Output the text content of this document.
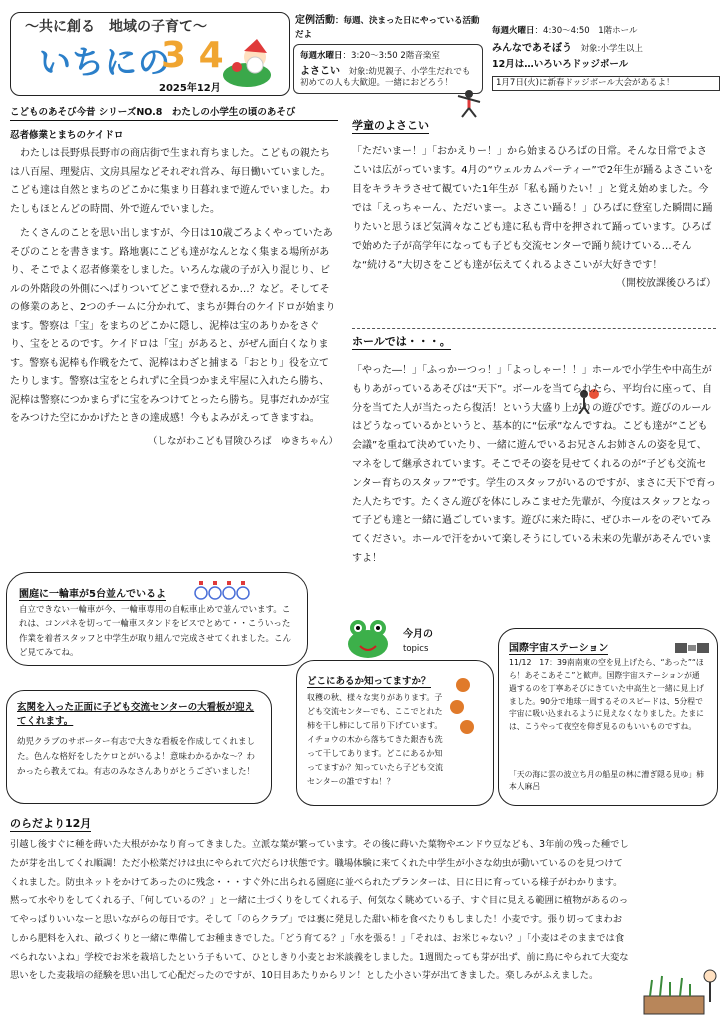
〜共に創る　地域の子育て〜
いちにの
3 4
2025年12月
定例活動：毎週、決まった日にやっている活動だよ
毎週水曜日：3:20〜3:50 2階音楽室
よさこい　 対象:幼児親子、小学生だれでも
初めての人も大歓迎。一緒におどろう！
毎週火曜日：4:30〜4:50　1階ホール
みんなであそぼう　 対象:小学生以上
12月は…いろいろドッジボール
1月7日(火)に新春ドッジボール大会があるよ！
こどものあそび今昔 シリーズNO.8　わたしの小学生の頃のあそび
忍者修業とまちのケイドロ

わたしは長野県長野市の商店街で生まれ育ちました。こどもの親たちは八百屋、理髪店、文房具屋などそれぞれ営み、毎日働いていました。こども達は自然とまちのどこかに集まり日暮れまで遊んでいました。わたしもほとんどの時間、外で遊んでいました。

たくさんのことを思い出しますが、今日は10歳ごろよくやっていたあそびのことを書きます。路地裏にこども達がなんとなく集まる場所があり、そこでよく忍者修業をしました。いろんな歳の子が入り混じり、ビルの外階段の外側にへばりついてどこまで登れるか…？など。そしてその修業のあと、2つのチームに分かれて、まちが舞台のケイドロが始まります。警察は「宝」をまちのどこかに隠し、泥棒は宝のありかをさぐり、宝をとるのです。ケイドロは「宝」があると、がぜん面白くなります。警察も泥棒も作戦をたて、泥棒はわざと捕まる「おとり」役を立てたりします。警察は宝をとられずに全員つかまえ牢屋に入れたら勝ち、泥棒は警察につかまらずに宝をみつけてとったら勝ち。見事だれかが宝をみつけた空にかかげたときの達成感！今もよみがえってきますね。

（しながわこども冒険ひろば　ゆきちゃん）
学童のよさこい

「ただいまー！」「おかえりー！」から始まるひろばの日常。そんな日常でよさこいは広がっています。4月の“ウェルカムパーティー”で2年生が踊るよさこいを目をキラキラさせて観ていた1年生が「私も踊りたい！」と覚え始めました。今では「えっちゃーん、ただいまー。よさこい踊る！」ひろばに登室した瞬間に踊りたいと思うほど気満々なこども達に私も背中を押されて踊っています。ひろばで始めた子が高学年になっても子ども交流センターで踊り続けている…そんな“続ける”大切さをこども達が伝えてくれるよさこいが大好きです！

（開校放課後ひろば）
ホールでは・・・。

「やった―！」「ふっかーつっ！」「よっしゃー！！」ホールで小学生や中高生がもりあがっているあそびは“天下”。ボールを当てられたら、平均台に座って、自分を当てた人が当たったら復活！という大盛り上がりの遊びです。遊びのルールはどうなっているかというと、基本的に“伝承”なんですね。こども達が“こども会議”を重ねて決めていたり、一緒に遊んでいるお兄さんお姉さんの姿を見て、マネをして継承されています。そこでその姿を見せてくれるのが“子ども交流センター育ちのスタッフ”です。学生のスタッフがいるのですが、まさに天下で育った人たちです。たくさん遊びを体にしみこませた先輩が、今度はスタッフとなって子ども達と一緒に過ごしています。遊びに来た時に、ぜひホールをのぞいてみてください。ホールで汗をかいて楽しそうにしている未来の先輩があそんでいますよ！

園庭に一輪車が5台並んでいるよ
自立できない一輪車が今、一輪車専用の自転車止めで並んでいます。これは、コンパネを切って一輪車スタンドをビスでとめて・・こういった作業を着者スタッフと中学生が取り組んで完成させてくれました。こんど見てみてね。
今月の
topics	国際宇宙ステーション
11/12　17：39南南東の空を見上げたら、“あった”“ほら！あそこあそこ”と歓声。国際宇宙ステーションが通過するのを丁寧あそびにきていた中高生と一緒に見上げました。90分で地球一周するそのスピードは、5分程で宇宙に吸い込まれるように見えなくなりました。たまには、こうやって夜空を仰ぎ見るのもいいものですね。
「天の海に雲の波立ち月の船星の林に漕ぎ隠る見ゆ」柿本人麻呂
玄関を入った正面に子ども交流センターの大看板が迎えてくれます。
幼児クラブのサポーター有志で大きな看板を作成してくれました。色んな格好をしたケロとがいるよ！意味わかるかな〜？わかったら教えてね。有志のみなさんありがとうございました！
どこにあるか知ってますか？
収穫の秋、様々な実りがあります。子ども交流センターでも、ここでとれた柿を干し柿にして吊り下げています。イチョウの木から落ちてきた銀杏も洗って干してあります。どこにあるか知ってますか？知っていたら子ども交流センターの誰ですね！？
のらだより12月

引越し後すぐに種を蒔いた大根がかなり育ってきました。立派な葉が繁っています。その後に蒔いた葉物やエンドウ豆なども、3年前の残った種でしたが芽を出してくれ順調！ただ小松菜だけは虫にやられて穴だらけ状態です。職場体験に来てくれた中学生が小さな幼虫が動いているのを見つけてくれました。防虫ネットをかけてあったのに残念・・・すぐ外に出られる園庭に並べられたプランターは、日に日に育っている様子がわかります。黙って水やりをしてくれる子、「何しているの？」と一緒に土づくりをしてくれる子、何気なく眺めている子、すぐ目に見える範囲に植物があるのってやっぱりいいなーと思いながらの毎日です。そして「のらクラブ」では裏に発見した甜い柿を食べたりもしました！小麦です。張り切ってまわおしから肥料を入れ、畝づくりと一緒に準備してお種まきでした。「どう育てる？」「水を張る！」「それは、お米じゃない？」「小麦はそのままでは食べられないよね」学校でお米を栽培したという子もいて、ひとしきり小麦とお米談義をしました。1週間たっても芽が出ず、前に鳥にやられて大変な思いをした麦栽培の経験を思い出して心配だったのですが、10日目あたりからリン！とした小さい芽が出てきました。楽しみがふえました。
